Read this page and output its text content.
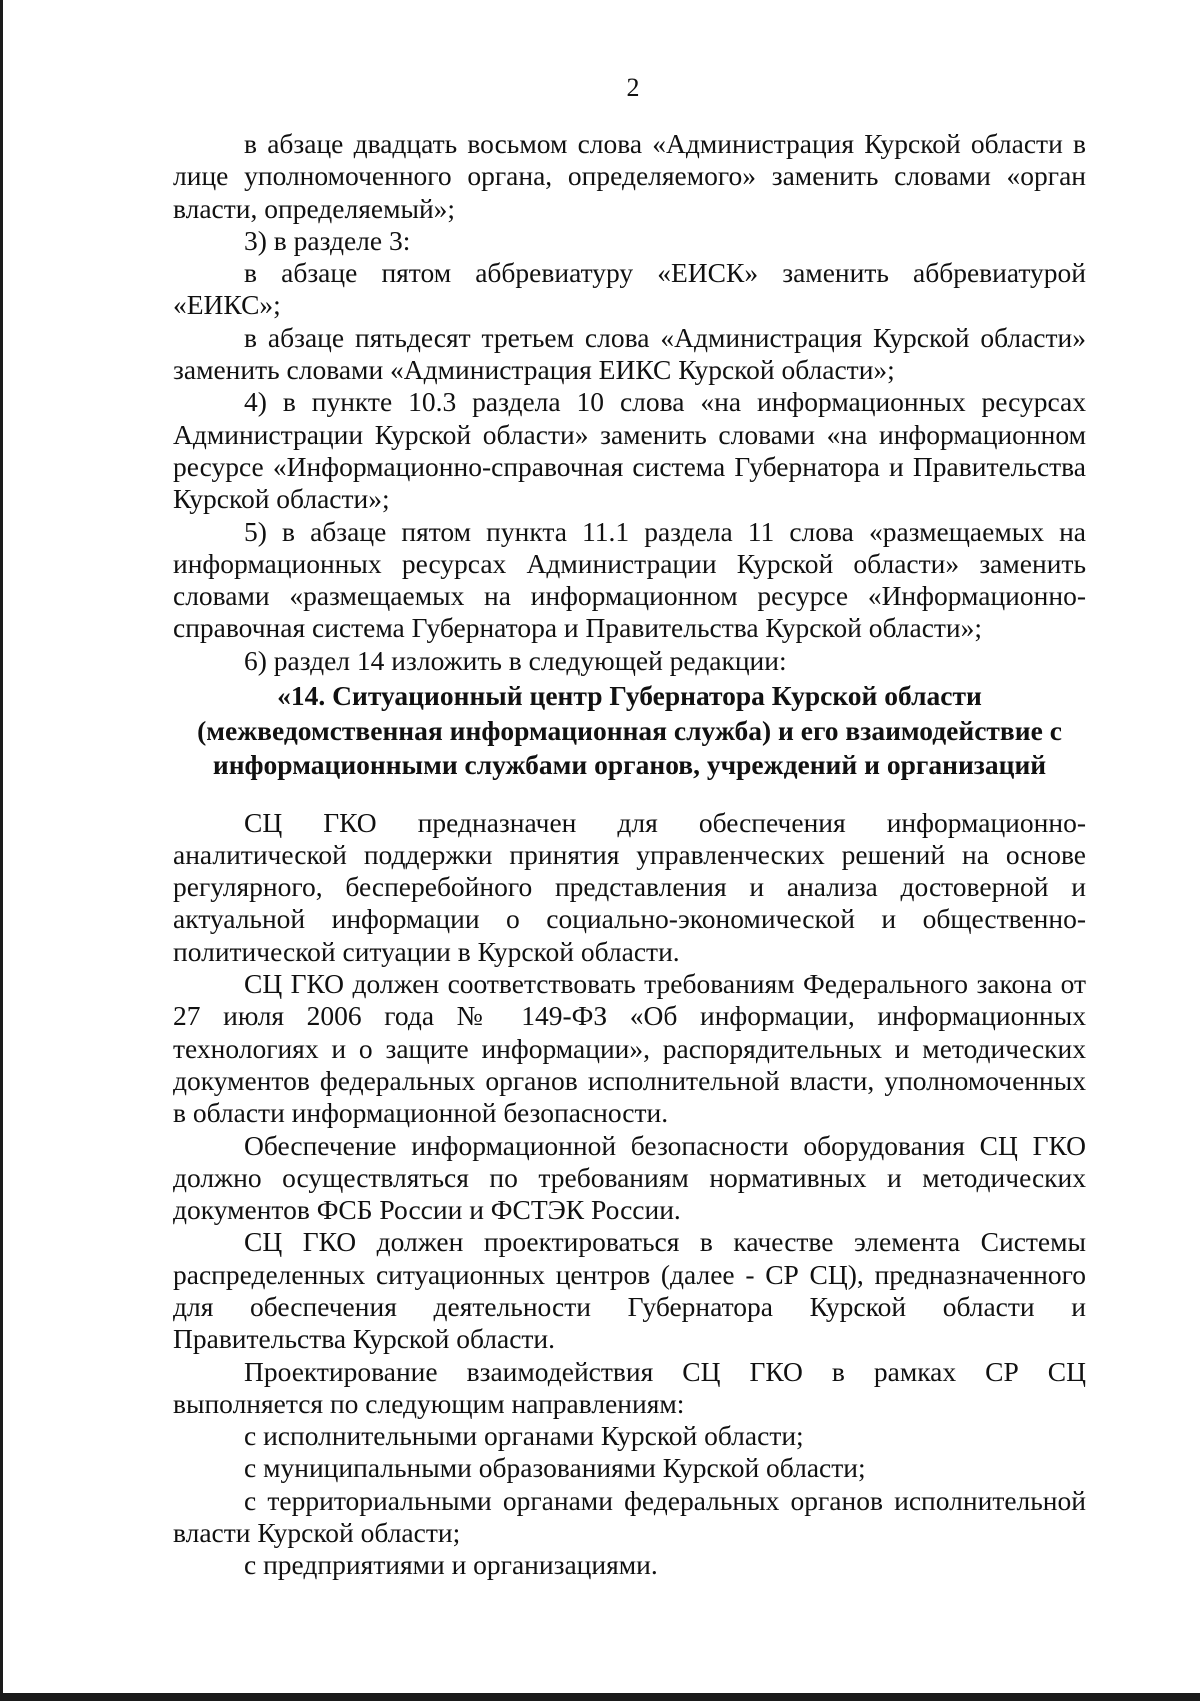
2

в абзаце двадцать восьмом слова «Администрация Курской области в лице уполномоченного органа, определяемого» заменить словами «орган власти, определяемый»;

3) в разделе 3:

в абзаце пятом аббревиатуру «ЕИСК» заменить аббревиатурой «ЕИКС»;

в абзаце пятьдесят третьем слова «Администрация Курской области» заменить словами «Администрация ЕИКС Курской области»;

4) в пункте 10.3 раздела 10 слова «на информационных ресурсах Администрации Курской области» заменить словами «на информационном ресурсе «Информационно-справочная система Губернатора и Правительства Курской области»;

5) в абзаце пятом пункта 11.1 раздела 11 слова «размещаемых на информационных ресурсах Администрации Курской области» заменить словами «размещаемых на информационном ресурсе «Информационно-справочная система Губернатора и Правительства Курской области»;

6) раздел 14 изложить в следующей редакции:

«14. Ситуационный центр Губернатора Курской области
(межведомственная информационная служба) и его взаимодействие с
информационными службами органов, учреждений и организаций

СЦ ГКО предназначен для обеспечения информационно-аналитической поддержки принятия управленческих решений на основе регулярного, бесперебойного представления и анализа достоверной и актуальной информации о социально-экономической и общественно-политической ситуации в Курской области.

СЦ ГКО должен соответствовать требованиям Федерального закона от 27 июля 2006 года № 149-ФЗ «Об информации, информационных технологиях и о защите информации», распорядительных и методических документов федеральных органов исполнительной власти, уполномоченных в области информационной безопасности.

Обеспечение информационной безопасности оборудования СЦ ГКО должно осуществляться по требованиям нормативных и методических документов ФСБ России и ФСТЭК России.

СЦ ГКО должен проектироваться в качестве элемента Системы распределенных ситуационных центров (далее - СР СЦ), предназначенного для обеспечения деятельности Губернатора Курской области и Правительства Курской области.

Проектирование взаимодействия СЦ ГКО в рамках СР СЦ выполняется по следующим направлениям:

с исполнительными органами Курской области;

с муниципальными образованиями Курской области;

с территориальными органами федеральных органов исполнительной власти Курской области;

с предприятиями и организациями.
